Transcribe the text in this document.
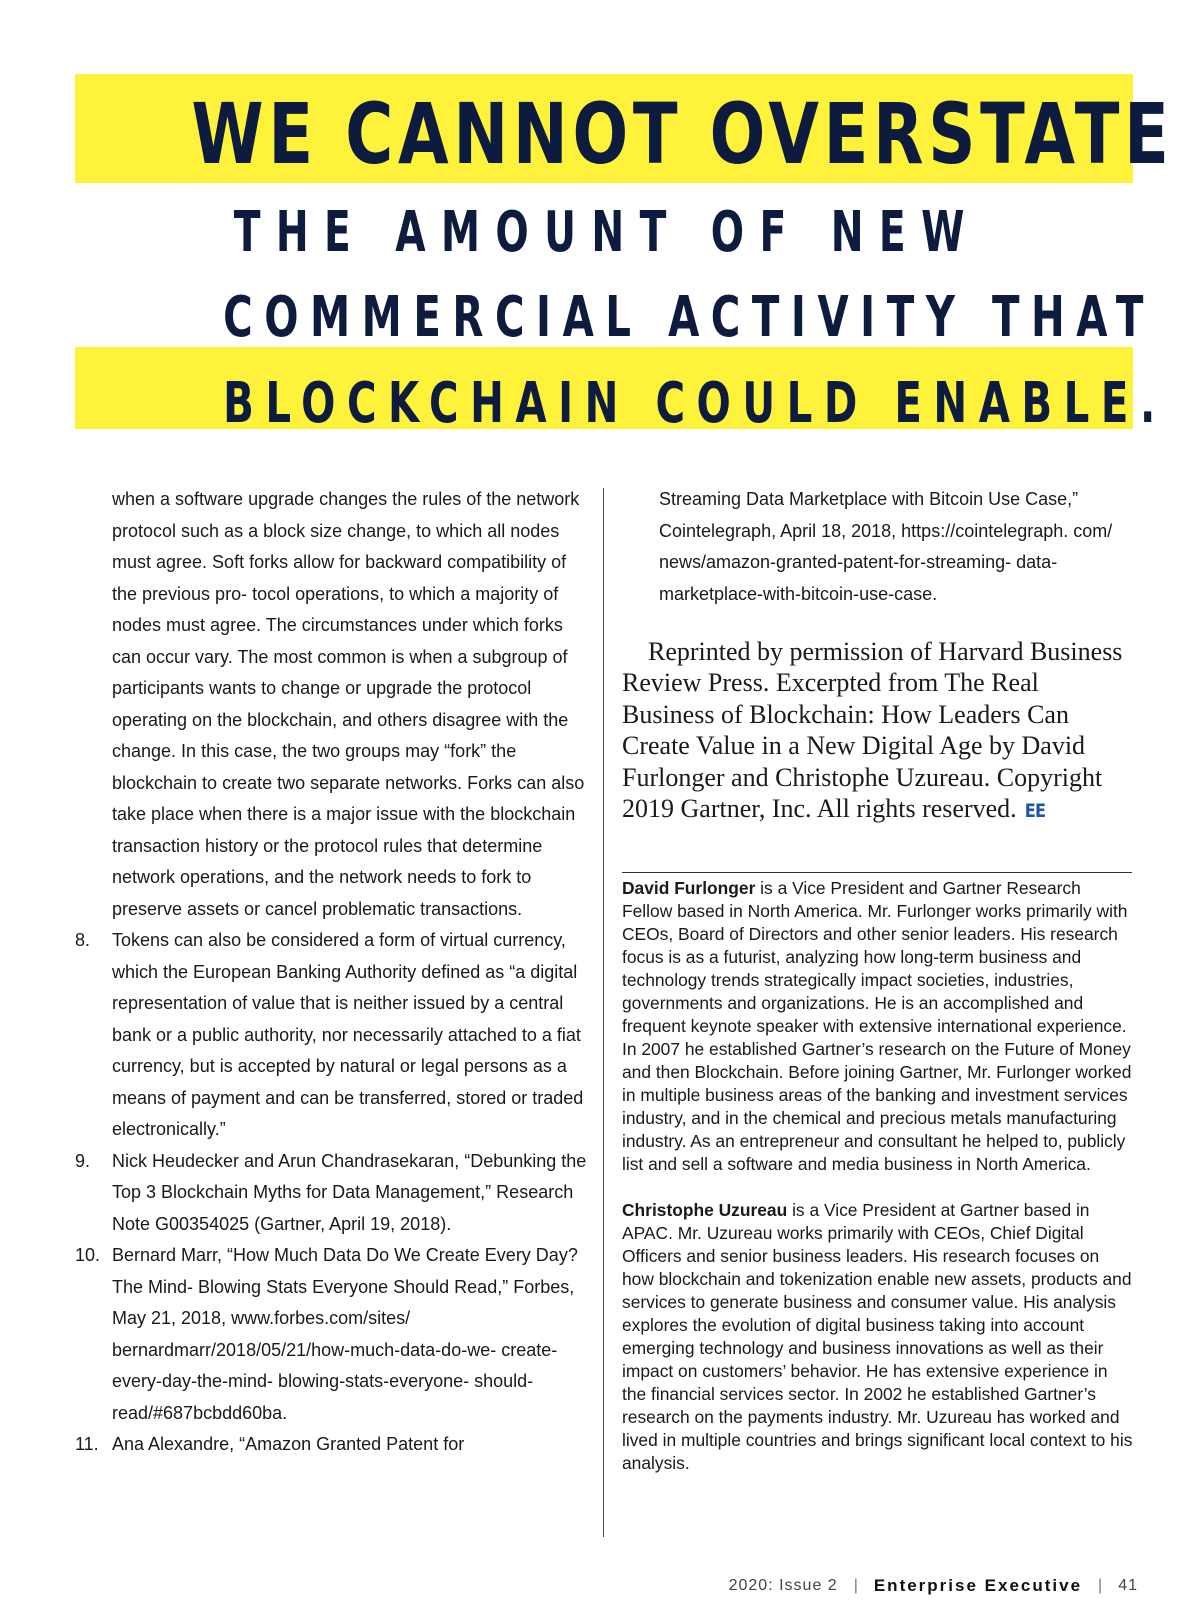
WE CANNOT OVERSTATE
THE AMOUNT OF NEW
COMMERCIAL ACTIVITY THAT
BLOCKCHAIN COULD ENABLE.

when a software upgrade changes the rules of the network protocol such as a block size change, to which all nodes must agree. Soft forks allow for backward compatibility of the previous pro- tocol operations, to which a majority of nodes must agree. The circumstances under which forks can occur vary. The most common is when a subgroup of participants wants to change or upgrade the protocol operating on the blockchain, and others disagree with the change. In this case, the two groups may “fork” the blockchain to create two separate networks. Forks can also take place when there is a major issue with the blockchain transaction history or the protocol rules that determine network operations, and the network needs to fork to preserve assets or cancel problematic transactions.

8.	Tokens can also be considered a form of virtual currency, which the European Banking Authority defined as “a digital representation of value that is neither issued by a central bank or a public authority, nor necessarily attached to a fiat currency, but is accepted by natural or legal persons as a means of payment and can be transferred, stored or traded electronically.”
9.	Nick Heudecker and Arun Chandrasekaran, “Debunking the Top 3 Blockchain Myths for Data Management,” Research Note G00354025 (Gartner, April 19, 2018).
10. Bernard Marr, “How Much Data Do We Create Every Day? The Mind- Blowing Stats Everyone Should Read,” Forbes, May 21, 2018, www.forbes.com/sites/ bernardmarr/2018/05/21/how-much-data-do-we- create-every-day-the-mind- blowing-stats-everyone- should-read/#687bcbdd60ba.
11. Ana Alexandre, “Amazon Granted Patent for

Streaming Data Marketplace with Bitcoin Use Case,” Cointelegraph, April 18, 2018, https://cointelegraph. com/ news/amazon-granted-patent-for-streaming- data-marketplace-with-bitcoin-use-case.

Reprinted by permission of Harvard Business Review Press. Excerpted from The Real Business of Blockchain: How Leaders Can Create Value in a New Digital Age by David Furlonger and Christophe Uzureau. Copyright 2019 Gartner, Inc. All rights reserved. EE

David Furlonger is a Vice President and Gartner Research Fellow based in North America. Mr. Furlonger works primarily with CEOs, Board of Directors and other senior leaders. His research focus is as a futurist, analyzing how long-term business and technology trends strategically impact societies, industries, governments and organizations. He is an accomplished and frequent keynote speaker with extensive international experience. In 2007 he established Gartner’s research on the Future of Money and then Blockchain. Before joining Gartner, Mr. Furlonger worked in multiple business areas of the banking and investment services industry, and in the chemical and precious metals manufacturing industry. As an entrepreneur and consultant he helped to, publicly list and sell a software and media business in North America.

Christophe Uzureau is a Vice President at Gartner based in APAC. Mr. Uzureau works primarily with CEOs, Chief Digital Officers and senior business leaders. His research focuses on how blockchain and tokenization enable new assets, products and services to generate business and consumer value. His analysis explores the evolution of digital business taking into account emerging technology and business innovations as well as their impact on customers’ behavior. He has extensive experience in the financial services sector. In 2002 he established Gartner’s research on the payments industry. Mr. Uzureau has worked and lived in multiple countries and brings significant local context to his analysis.

2020: Issue 2 | Enterprise Executive | 41
